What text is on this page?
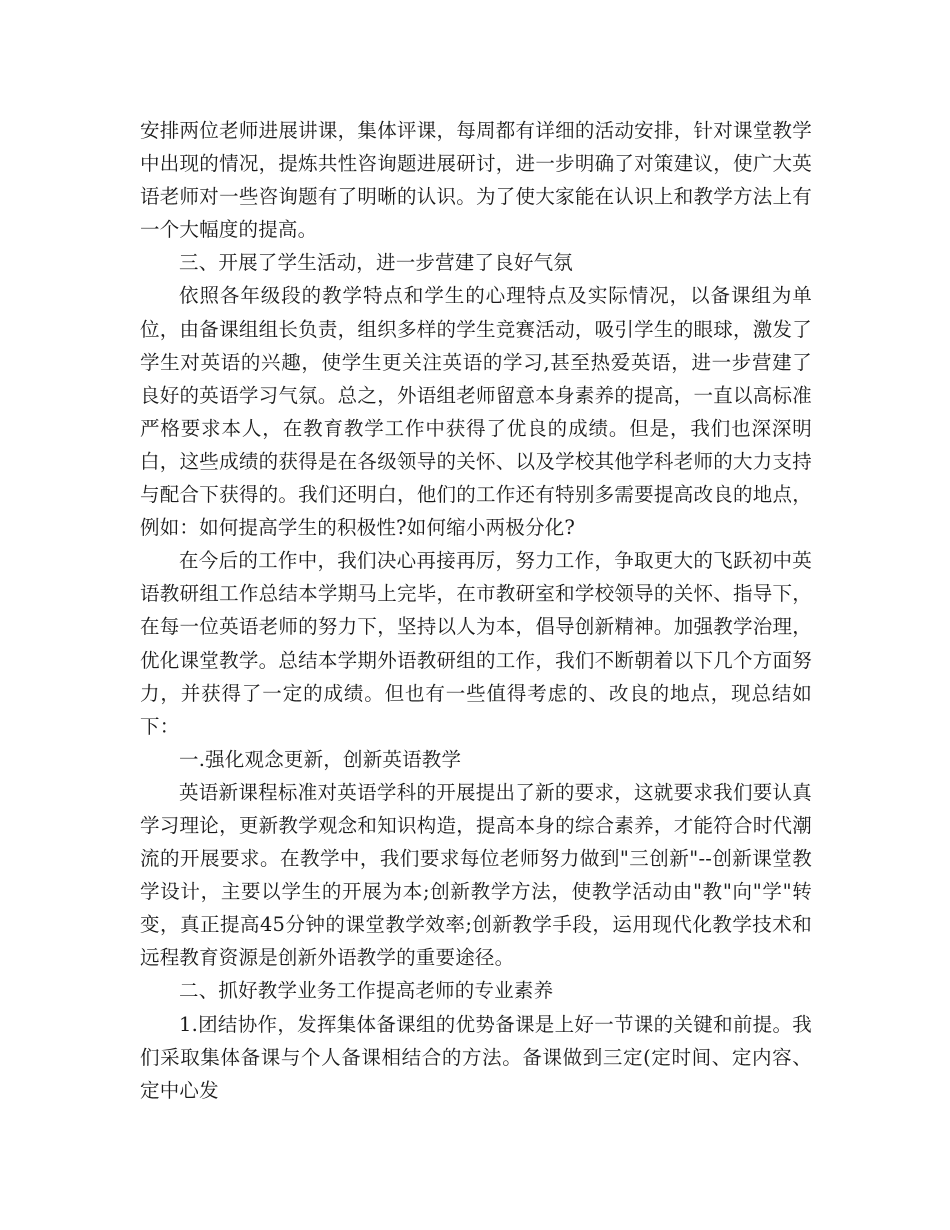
安排两位老师进展讲课，集体评课，每周都有详细的活动安排，针对课堂教学中出现的情况，提炼共性咨询题进展研讨，进一步明确了对策建议，使广大英语老师对一些咨询题有了明晰的认识。为了使大家能在认识上和教学方法上有一个大幅度的提高。

三、开展了学生活动，进一步营建了良好气氛

依照各年级段的教学特点和学生的心理特点及实际情况，以备课组为单位，由备课组组长负责，组织多样的学生竞赛活动，吸引学生的眼球，激发了学生对英语的兴趣，使学生更关注英语的学习,甚至热爱英语，进一步营建了良好的英语学习气氛。总之，外语组老师留意本身素养的提高，一直以高标准严格要求本人，在教育教学工作中获得了优良的成绩。但是，我们也深深明白，这些成绩的获得是在各级领导的关怀、以及学校其他学科老师的大力支持与配合下获得的。我们还明白，他们的工作还有特别多需要提高改良的地点，例如：如何提高学生的积极性?如何缩小两极分化?

在今后的工作中，我们决心再接再厉，努力工作，争取更大的飞跃初中英语教研组工作总结本学期马上完毕，在市教研室和学校领导的关怀、指导下，在每一位英语老师的努力下，坚持以人为本，倡导创新精神。加强教学治理，优化课堂教学。总结本学期外语教研组的工作，我们不断朝着以下几个方面努力，并获得了一定的成绩。但也有一些值得考虑的、改良的地点，现总结如下：

一.强化观念更新，创新英语教学

英语新课程标准对英语学科的开展提出了新的要求，这就要求我们要认真学习理论，更新教学观念和知识构造，提高本身的综合素养，才能符合时代潮流的开展要求。在教学中，我们要求每位老师努力做到"三创新"--创新课堂教学设计，主要以学生的开展为本;创新教学方法，使教学活动由"教"向"学"转变，真正提高45分钟的课堂教学效率;创新教学手段，运用现代化教学技术和远程教育资源是创新外语教学的重要途径。

二、抓好教学业务工作提高老师的专业素养

1.团结协作，发挥集体备课组的优势备课是上好一节课的关键和前提。我们采取集体备课与个人备课相结合的方法。备课做到三定(定时间、定内容、定中心发
